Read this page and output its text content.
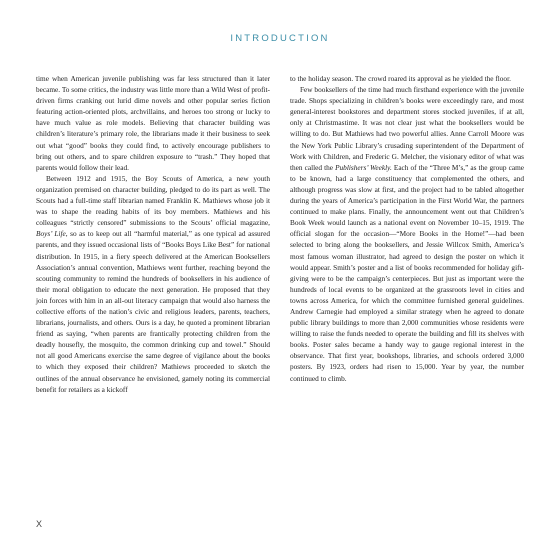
INTRODUCTION

time when American juvenile publishing was far less structured than it later became. To some critics, the industry was little more than a Wild West of profit-driven firms cranking out lurid dime novels and other popular series fiction featuring action-oriented plots, archvillains, and heroes too strong or lucky to have much value as role models. Believing that character building was children’s literature’s primary role, the librarians made it their business to seek out what “good” books they could find, to actively encourage publishers to bring out others, and to spare children exposure to “trash.” They hoped that parents would follow their lead.

Between 1912 and 1915, the Boy Scouts of America, a new youth organization premised on character building, pledged to do its part as well. The Scouts had a full-time staff librarian named Franklin K. Mathiews whose job it was to shape the reading habits of its boy members. Mathiews and his colleagues “strictly censored” submissions to the Scouts’ official magazine, Boys’ Life, so as to keep out all “harmful material,” as one typical ad assured parents, and they issued occasional lists of “Books Boys Like Best” for national distribution. In 1915, in a fiery speech delivered at the American Booksellers Association’s annual convention, Mathiews went further, reaching beyond the scouting community to remind the hundreds of booksellers in his audience of their moral obligation to educate the next generation. He proposed that they join forces with him in an all-out literacy campaign that would also harness the collective efforts of the nation’s civic and religious leaders, parents, teachers, librarians, journalists, and others. Ours is a day, he quoted a prominent librarian friend as saying, “when parents are frantically protecting children from the deadly housefly, the mosquito, the common drinking cup and towel.” Should not all good Americans exercise the same degree of vigilance about the books to which they exposed their children? Mathiews proceeded to sketch the outlines of the annual observance he envisioned, gamely noting its commercial benefit for retailers as a kickoff

to the holiday season. The crowd roared its approval as he yielded the floor.

Few booksellers of the time had much firsthand experience with the juvenile trade. Shops specializing in children’s books were exceedingly rare, and most general-interest bookstores and department stores stocked juveniles, if at all, only at Christmastime. It was not clear just what the booksellers would be willing to do. But Mathiews had two powerful allies. Anne Carroll Moore was the New York Public Library’s crusading superintendent of the Department of Work with Children, and Frederic G. Melcher, the visionary editor of what was then called the Publishers’ Weekly. Each of the “Three M’s,” as the group came to be known, had a large constituency that complemented the others, and although progress was slow at first, and the project had to be tabled altogether during the years of America’s participation in the First World War, the partners continued to make plans. Finally, the announcement went out that Children’s Book Week would launch as a national event on November 10–15, 1919. The official slogan for the occasion—“More Books in the Home!”—had been selected to bring along the booksellers, and Jessie Willcox Smith, America’s most famous woman illustrator, had agreed to design the poster on which it would appear. Smith’s poster and a list of books recommended for holiday gift-giving were to be the campaign’s centerpieces. But just as important were the hundreds of local events to be organized at the grassroots level in cities and towns across America, for which the committee furnished general guidelines. Andrew Carnegie had employed a similar strategy when he agreed to donate public library buildings to more than 2,000 communities whose residents were willing to raise the funds needed to operate the building and fill its shelves with books. Poster sales became a handy way to gauge regional interest in the observance. That first year, bookshops, libraries, and schools ordered 3,000 posters. By 1923, orders had risen to 15,000. Year by year, the number continued to climb.

X
